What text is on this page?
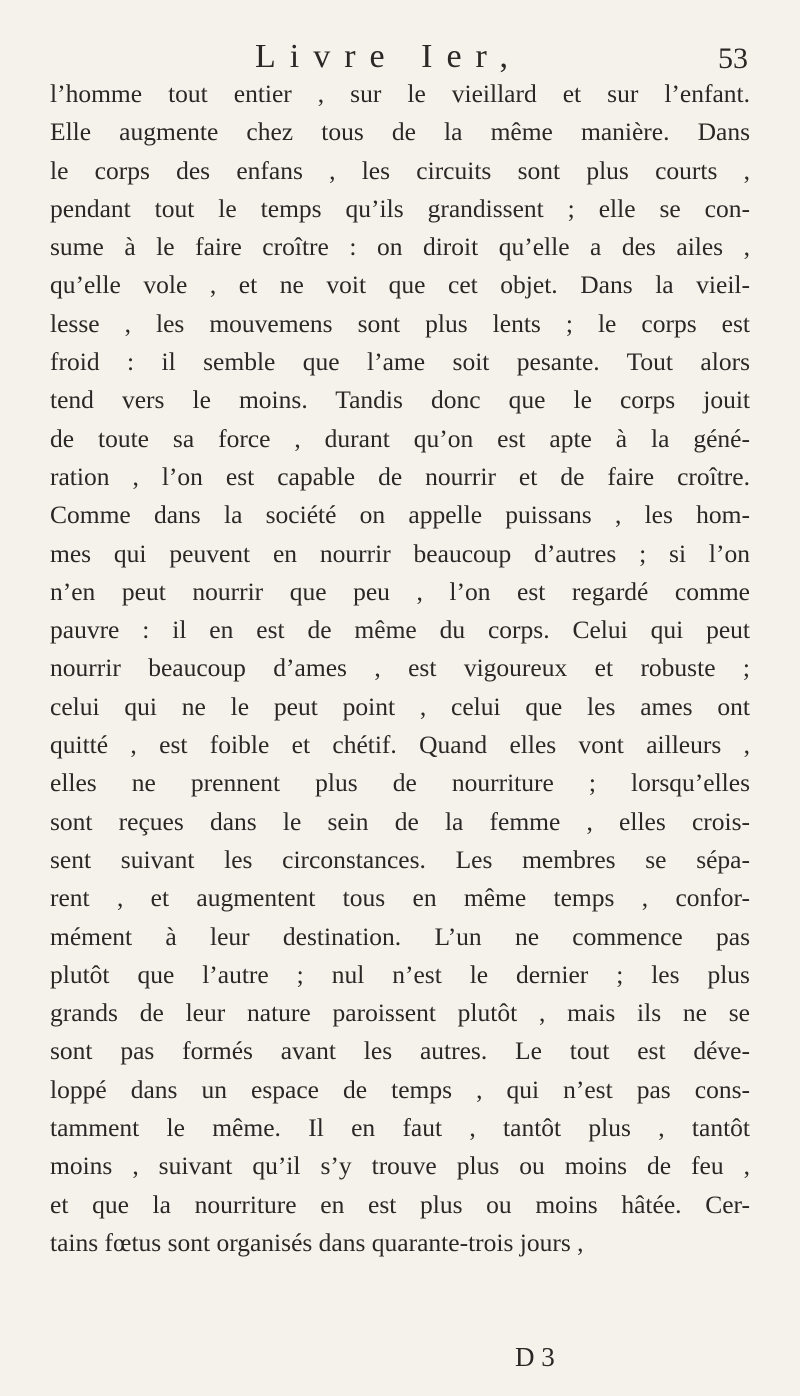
Livre Ier,	53
l’homme tout entier , sur le vieillard et sur l’enfant.
Elle augmente chez tous de la même manière. Dans
le corps des enfans , les circuits sont plus courts ,
pendant tout le temps qu’ils grandissent ; elle se con-
sume à le faire croître : on diroit qu’elle a des ailes ,
qu’elle vole , et ne voit que cet objet. Dans la vieil-
lesse , les mouvemens sont plus lents ; le corps est
froid : il semble que l’ame soit pesante. Tout alors
tend vers le moins. Tandis donc que le corps jouit
de toute sa force , durant qu’on est apte à la géné-
ration , l’on est capable de nourrir et de faire croître.
Comme dans la société on appelle puissans , les hom-
mes qui peuvent en nourrir beaucoup d’autres ; si l’on
n’en peut nourrir que peu , l’on est regardé comme
pauvre : il en est de même du corps. Celui qui peut
nourrir beaucoup d’ames , est vigoureux et robuste ;
celui qui ne le peut point , celui que les ames ont
quitté , est foible et chétif. Quand elles vont ailleurs ,
elles ne prennent plus de nourriture ; lorsqu’elles
sont reçues dans le sein de la femme , elles crois-
sent suivant les circonstances. Les membres se sépa-
rent , et augmentent tous en même temps , confor-
mément à leur destination. L’un ne commence pas
plutôt que l’autre ; nul n’est le dernier ; les plus
grands de leur nature paroissent plutôt , mais ils ne se
sont pas formés avant les autres. Le tout est déve-
loppé dans un espace de temps , qui n’est pas cons-
tamment le même. Il en faut , tantôt plus , tantôt
moins , suivant qu’il s’y trouve plus ou moins de feu ,
et que la nourriture en est plus ou moins hâtée. Cer-
tains fœtus sont organisés dans quarante-trois jours ,
D 3
